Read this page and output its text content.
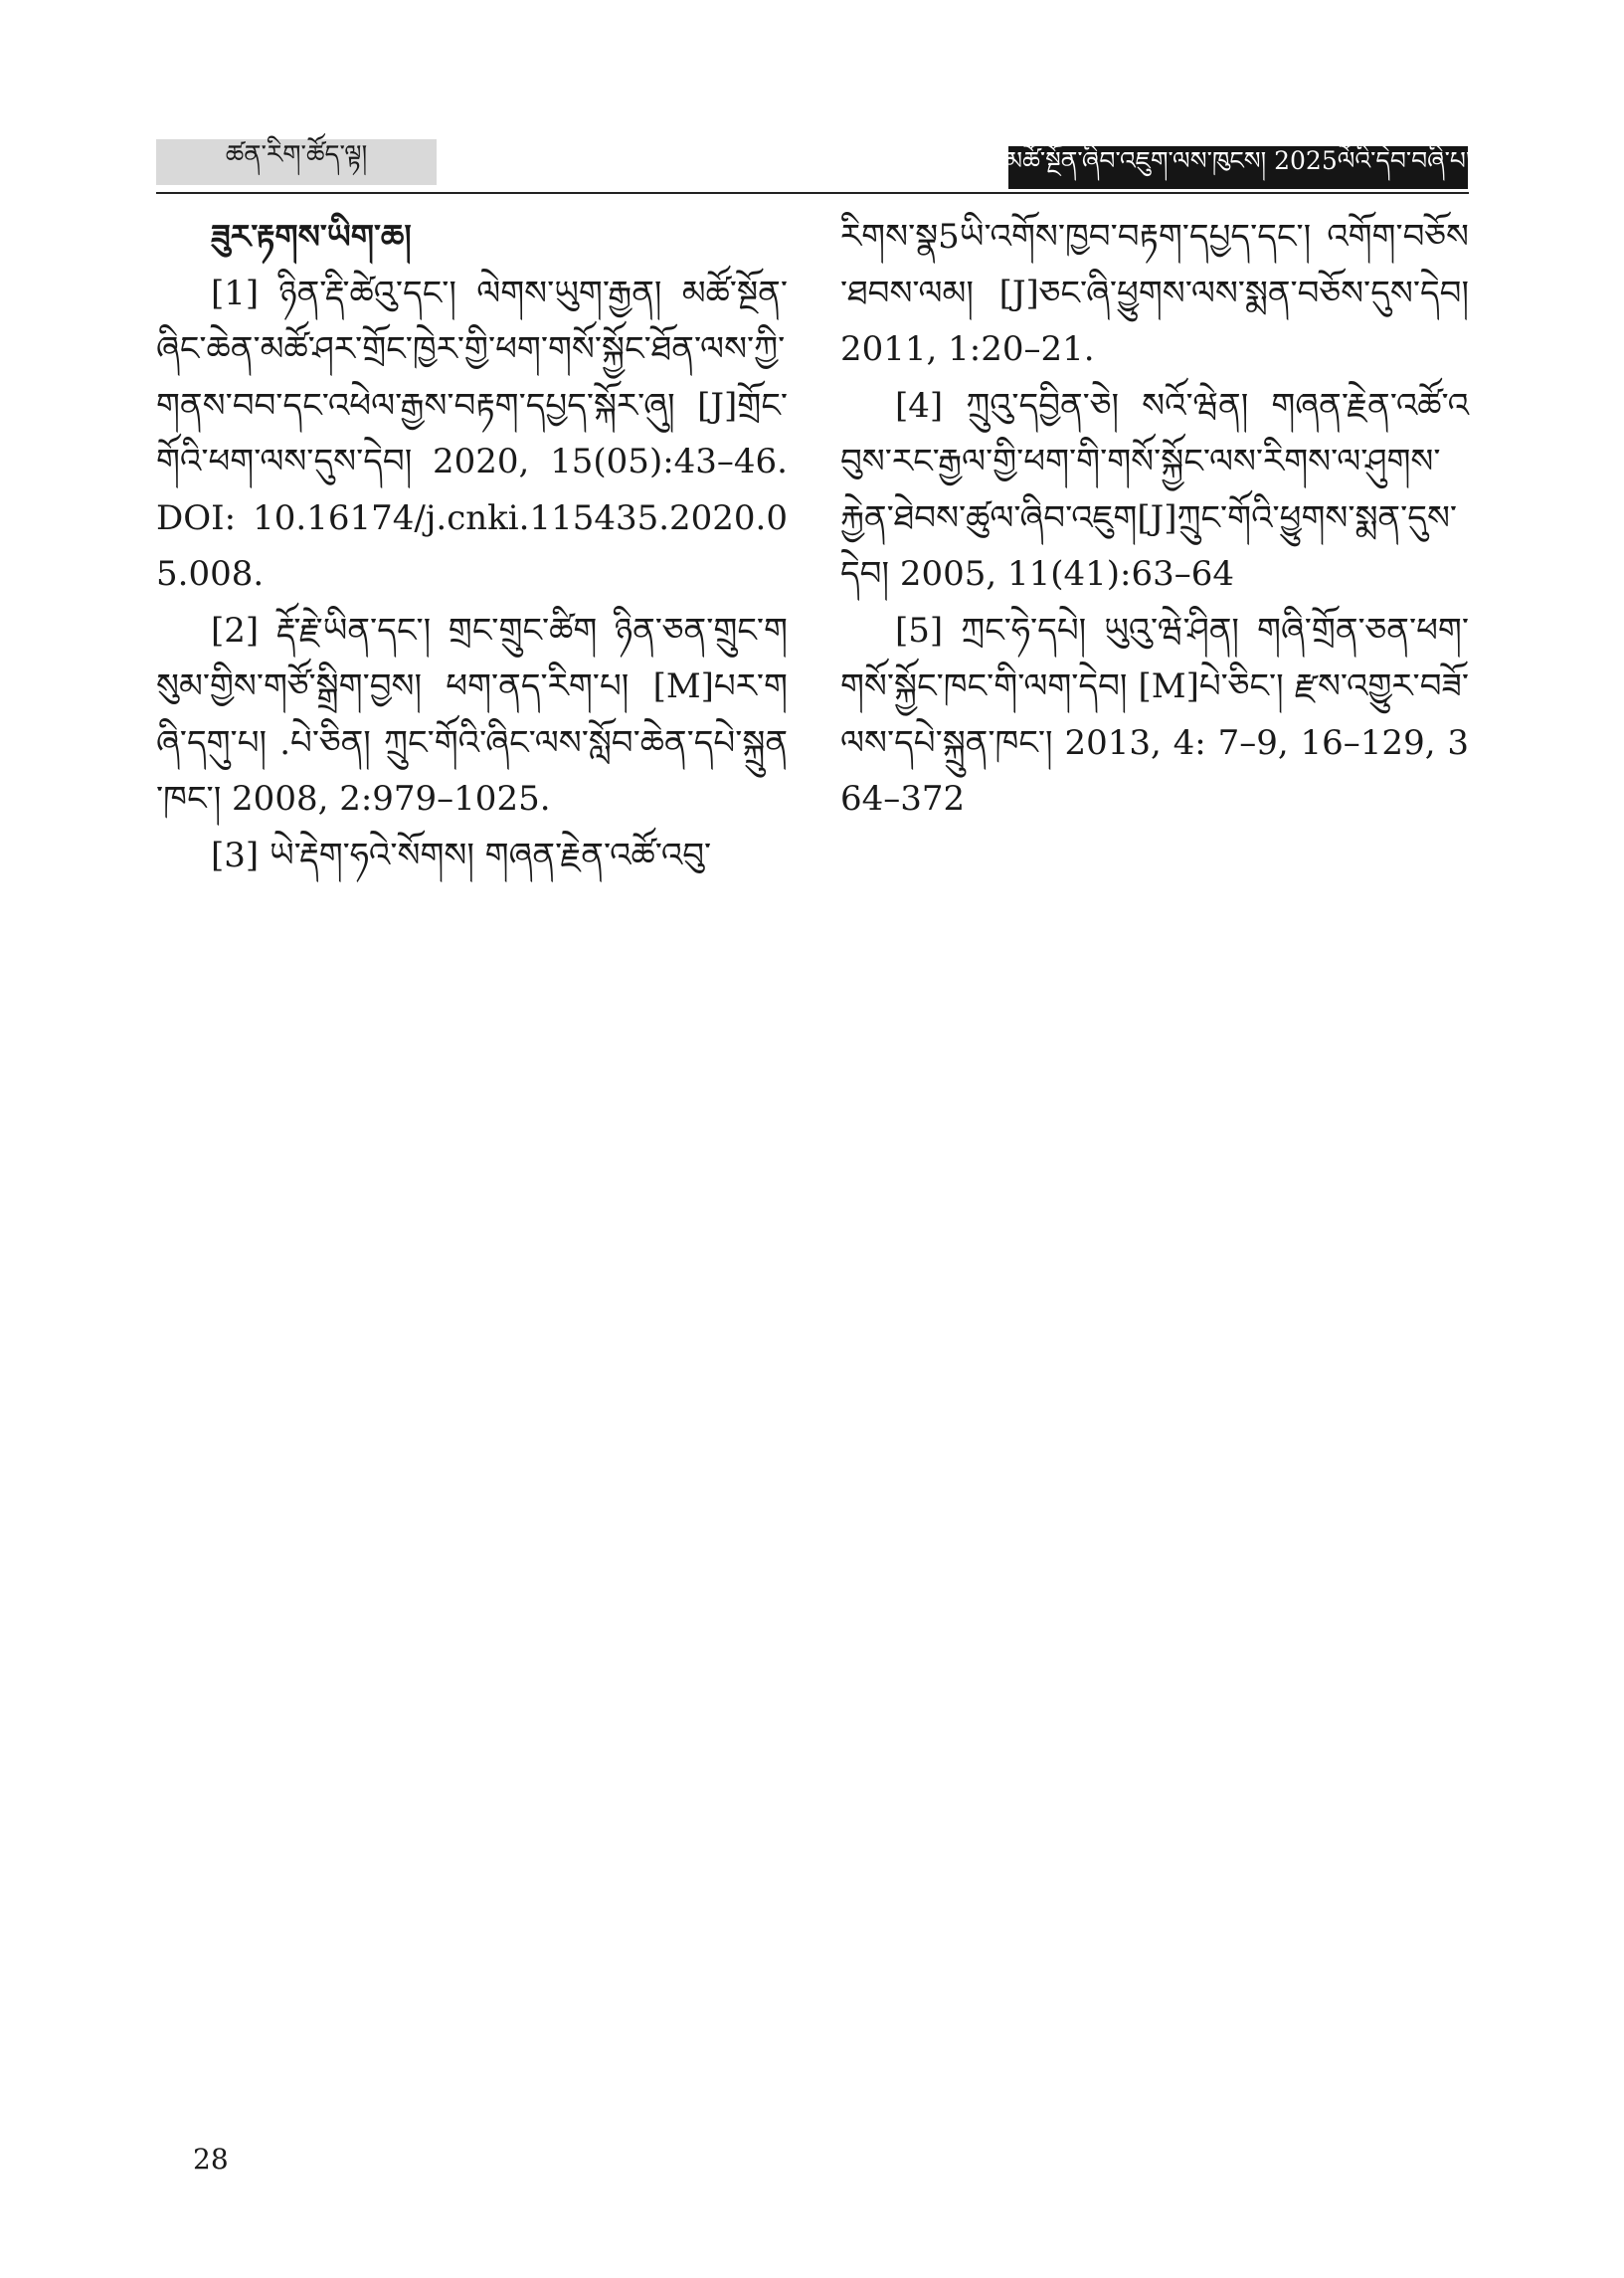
ཚན་རིག་ཚོད་ལྟ།	མཚོ་སྔོན་ཞིབ་འཇུག་ལས་ཁུངས། 2025ལོའི་དེབ་བཞི་པ།

ཟུར་རྟགས་ཡིག་ཆ།

[1] ཉིན་རྡི་ཚེའུ་དང་། ལེགས་ཡུག་རྒྱན། མཚོ་སྔོན་ཞིང་ཆེན་མཚོ་ཤར་གྲོང་ཁྱེར་གྱི་ཕག་གསོ་སྐྱོང་ཐོན་ལས་ཀྱི་གནས་བབ་དང་འཕེལ་རྒྱས་བརྟག་དཔྱད་སྐོར་ཞུ། [J]གྲོང་གོའི་ཕག་ལས་དུས་དེབ། 2020, 15(05):43–46.DOI: 10.16174/j.cnki.115435.2020.05.008.

[2] རྡོ་རྗེ་ཡིན་དང་། གྲང་གྲུང་ཚིག ཉིན་ཅན་གྲུང་གསུམ་གྱིས་གཙོ་སྒྲིག་བྱས། ཕག་ནད་རིག་པ། [M]པར་གཞི་དགུ་པ། .པེ་ཅིན། ཀྲུང་གོའི་ཞིང་ལས་སློབ་ཆེན་དཔེ་སྐྲུན་ཁང་། 2008, 2:979–1025.

[3] ཡེ་རྡེག་ཧའེ་སོགས། གཞན་རྗེན་འཚོ་འབུ་

རིགས་སྣ5ཡི་འགོས་ཁྱབ་བརྟག་དཔྱད་དང་། འགོག་བཅོས་ཐབས་ལམ། [J]ཅང་ཞི་ཕྱུགས་ལས་སྨན་བཅོས་དུས་དེབ། 2011, 1:20–21.

[4] ཀྲུའུ་དབྱིན་ཅེ། སའོ་ཝེན། གཞན་རྗེན་འཚོ་འབུས་རང་རྒྱལ་གྱི་ཕག་གི་གསོ་སྐྱོང་ལས་རིགས་ལ་ཤུགས་རྐྱེན་ཐེབས་ཚུལ་ཞིབ་འཇུག[J]ཀྲུང་གོའི་ཕྱུགས་སྨན་དུས་དེབ། 2005, 11(41):63–64

[5] ཀྲང་ཧེ་དཔེ། ཡུའུ་ཝེ་ཤིན། གཞི་གྲོན་ཅན་ཕག་གསོ་སྐྱོང་ཁང་གི་ལག་དེབ། [M]པེ་ཅིང་། རྫས་འགྱུར་བཟོ་ལས་དཔེ་སྐྲུན་ཁང་། 2013, 4: 7–9, 16–129, 364–372

28
